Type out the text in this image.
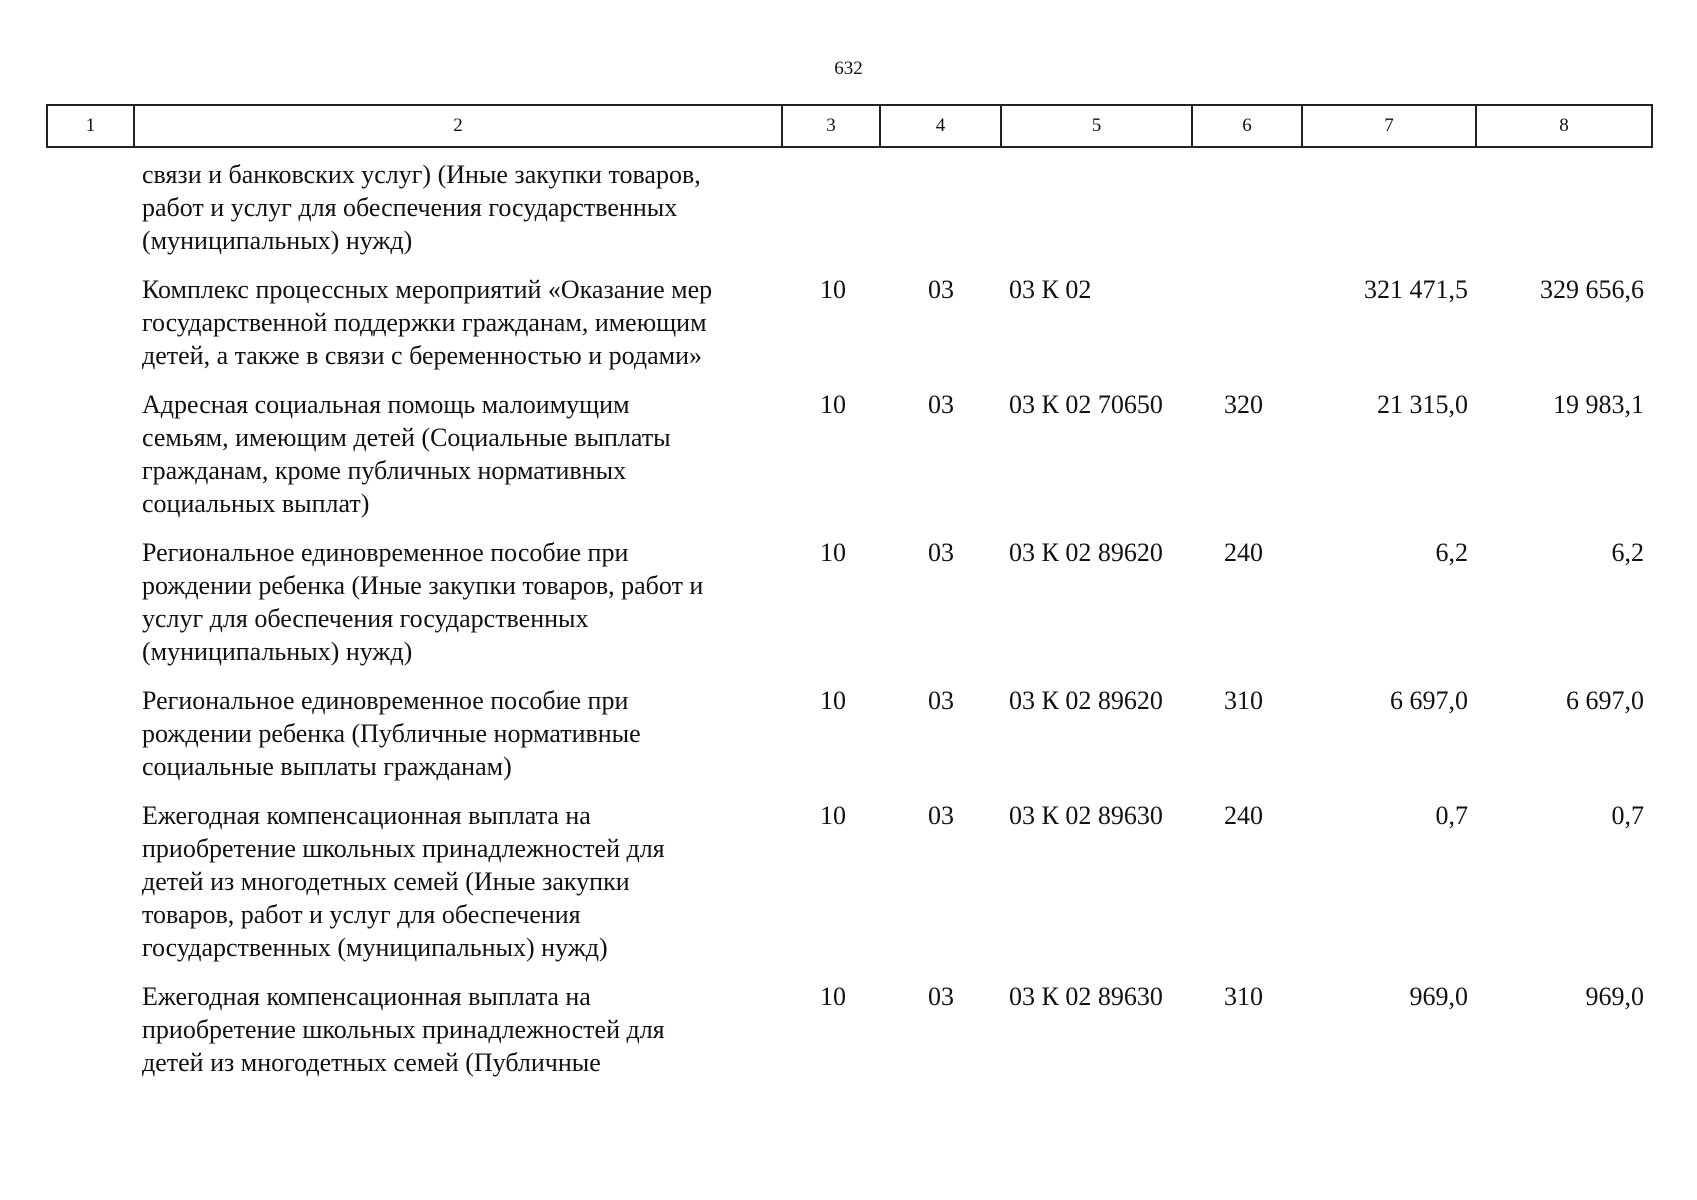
632
1	2	3	4	5	6	7	8
	связи и банковских услуг) (Иные закупки товаров,
работ и услуг для обеспечения государственных
(муниципальных) нужд)						
	Комплекс процессных мероприятий «Оказание мер
государственной поддержки гражданам, имеющим
детей, а также в связи с беременностью и родами»	10	03	03 К 02		321 471,5	329 656,6
	Адресная социальная помощь малоимущим
семьям, имеющим детей (Социальные выплаты
гражданам, кроме публичных нормативных
социальных выплат)	10	03	03 К 02 70650	320	21 315,0	19 983,1
	Региональное единовременное пособие при
рождении ребенка (Иные закупки товаров, работ и
услуг для обеспечения государственных
(муниципальных) нужд)	10	03	03 К 02 89620	240	6,2	6,2
	Региональное единовременное пособие при
рождении ребенка (Публичные нормативные
социальные выплаты гражданам)	10	03	03 К 02 89620	310	6 697,0	6 697,0
	Ежегодная компенсационная выплата на
приобретение школьных принадлежностей для
детей из многодетных семей (Иные закупки
товаров, работ и услуг для обеспечения
государственных (муниципальных) нужд)	10	03	03 К 02 89630	240	0,7	0,7
	Ежегодная компенсационная выплата на
приобретение школьных принадлежностей для
детей из многодетных семей (Публичные	10	03	03 К 02 89630	310	969,0	969,0
